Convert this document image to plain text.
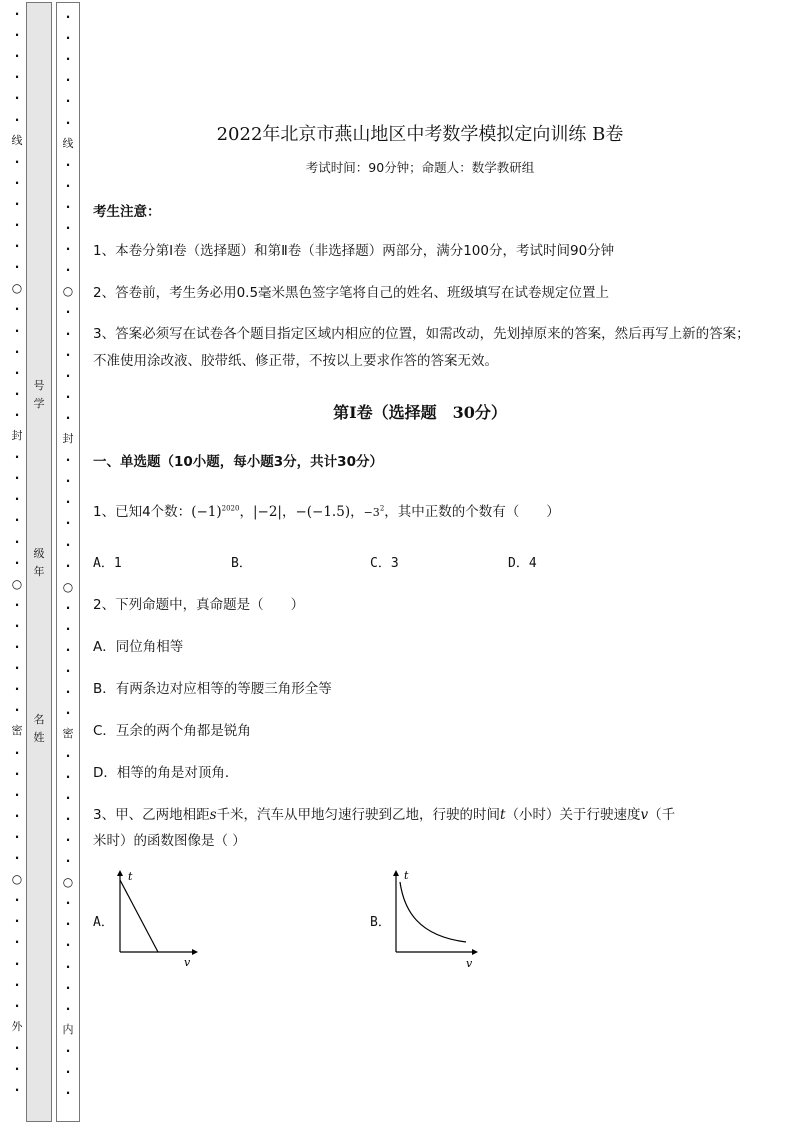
·
·
·
·
·
·
线
·
·
·
·
·
·
○
·
·
·
·
·
·
封
·
·
·
·
·
·
○
·
·
·
·
·
·
密
·
·
·
·
·
·
○
·
·
·
·
·
·
外
·
·
·
号
学
级
年
名
姓
·
·
·
·
·
·
线
·
·
·
·
·
·
○
·
·
·
·
·
·
封
·
·
·
·
·
·
○
·
·
·
·
·
·
密
·
·
·
·
·
·
○
·
·
·
·
·
·
内
·
·
·
2022年北京市燕山地区中考数学模拟定向训练 B卷
考试时间：90分钟；命题人：数学教研组
考生注意：
1、本卷分第I卷（选择题）和第Ⅱ卷（非选择题）两部分，满分100分，考试时间90分钟
2、答卷前，考生务必用0.5毫米黑色签字笔将自己的姓名、班级填写在试卷规定位置上
3、答案必须写在试卷各个题目指定区域内相应的位置，如需改动，先划掉原来的答案，然后再写上新的答案；不准使用涂改液、胶带纸、修正带，不按以上要求作答的答案无效。
第I卷（选择题　30分）
一、单选题（10小题，每小题3分，共计30分）
1、已知4个数：$(-1)^{2020}$，|−2|，−(−1.5)，$-3^2$，其中正数的个数有（　　）
A．1	B．	C．3	D．4
2、下列命题中，真命题是（　　）
A．同位角相等
B．有两条边对应相等的等腰三角形全等
C．互余的两个角都是锐角
D．相等的角是对顶角．
3、甲、乙两地相距s千米，汽车从甲地匀速行驶到乙地，行驶的时间t（小时）关于行驶速度v（千
米时）的函数图像是（ ）
A．
t
v
B．
t
v
